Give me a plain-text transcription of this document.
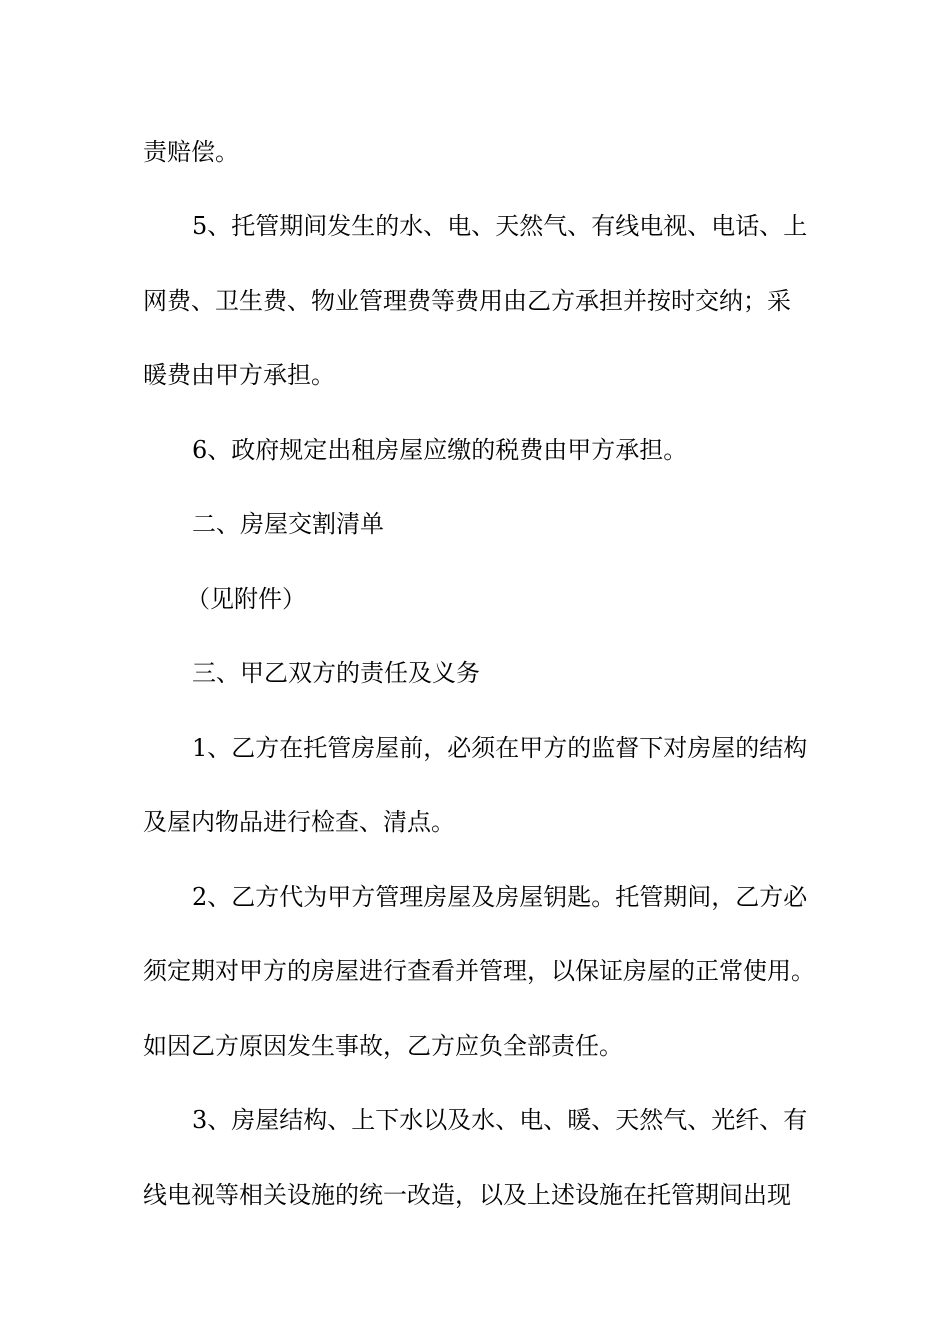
责赔偿。
5、托管期间发生的水、电、天然气、有线电视、电话、上
网费、卫生费、物业管理费等费用由乙方承担并按时交纳；采
暖费由甲方承担。
6、政府规定出租房屋应缴的税费由甲方承担。
二、房屋交割清单
（见附件）
三、甲乙双方的责任及义务
1、乙方在托管房屋前，必须在甲方的监督下对房屋的结构
及屋内物品进行检查、清点。
2、乙方代为甲方管理房屋及房屋钥匙。托管期间，乙方必
须定期对甲方的房屋进行查看并管理，以保证房屋的正常使用。
如因乙方原因发生事故，乙方应负全部责任。
3、房屋结构、上下水以及水、电、暖、天然气、光纤、有
线电视等相关设施的统一改造，以及上述设施在托管期间出现
